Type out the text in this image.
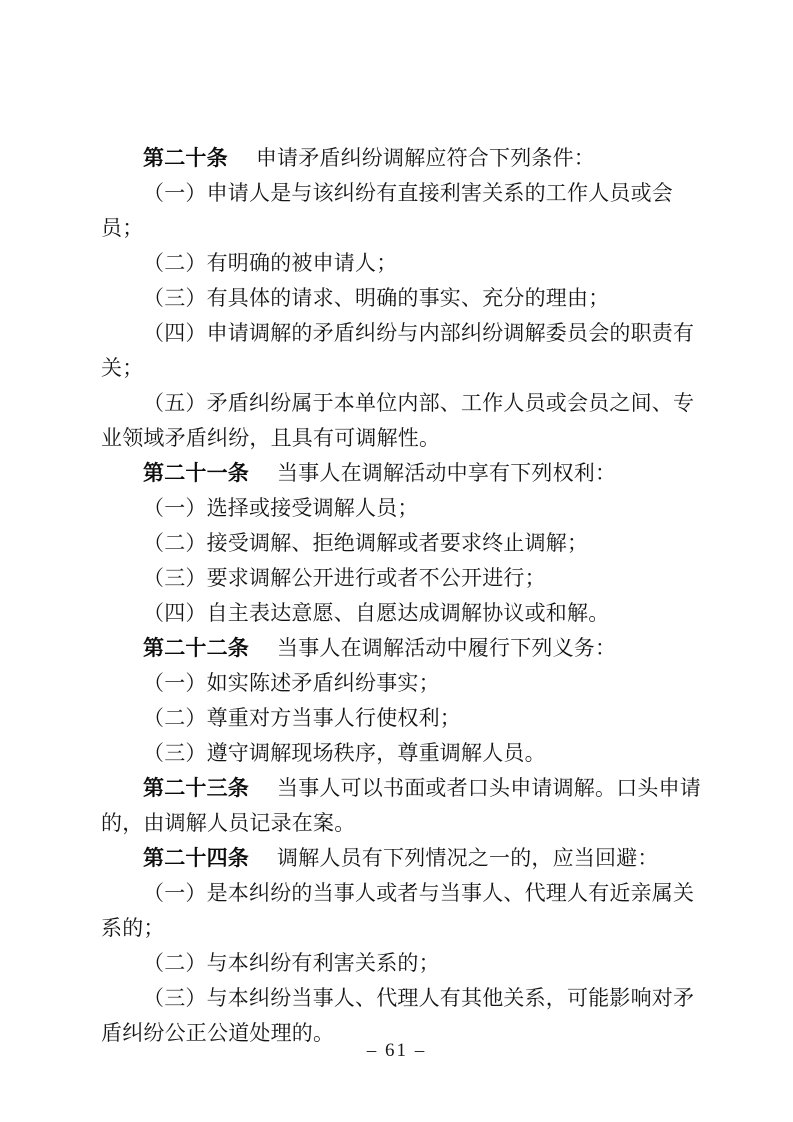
第二十条 申请矛盾纠纷调解应符合下列条件：

（一）申请人是与该纠纷有直接利害关系的工作人员或会员；

（二）有明确的被申请人；

（三）有具体的请求、明确的事实、充分的理由；

（四）申请调解的矛盾纠纷与内部纠纷调解委员会的职责有关；

（五）矛盾纠纷属于本单位内部、工作人员或会员之间、专业领域矛盾纠纷，且具有可调解性。

第二十一条 当事人在调解活动中享有下列权利：

（一）选择或接受调解人员；

（二）接受调解、拒绝调解或者要求终止调解；

（三）要求调解公开进行或者不公开进行；

（四）自主表达意愿、自愿达成调解协议或和解。

第二十二条 当事人在调解活动中履行下列义务：

（一）如实陈述矛盾纠纷事实；

（二）尊重对方当事人行使权利；

（三）遵守调解现场秩序，尊重调解人员。

第二十三条 当事人可以书面或者口头申请调解。口头申请的，由调解人员记录在案。

第二十四条 调解人员有下列情况之一的，应当回避：

（一）是本纠纷的当事人或者与当事人、代理人有近亲属关系的；

（二）与本纠纷有利害关系的；

（三）与本纠纷当事人、代理人有其他关系，可能影响对矛盾纠纷公正公道处理的。

– 61 –
